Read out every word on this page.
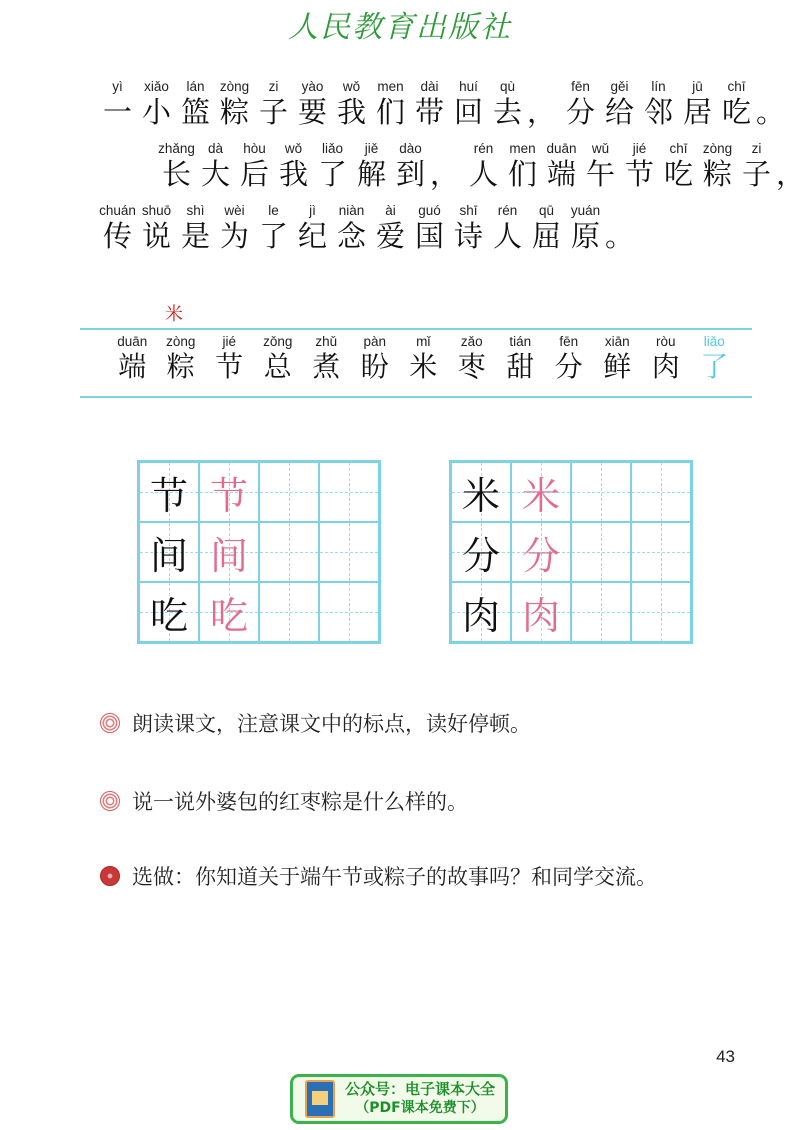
人民教育出版社
yì
一
xiǎo
小
lán
篮
zòng
粽
zi
子
yào
要
wǒ
我
men
们
dài
带
huí
回
qù
去 ，
fēn
分
gěi
给
lín
邻
jū
居
chī
吃 。
zhǎng
长
dà
大
hòu
后
wǒ
我
liǎo
了
jiě
解
dào
到 ，
rén
人
men
们
duān
端
wǔ
午
jié
节
chī
吃
zòng
粽
zi
子 ，
chuán
传
shuō
说
shì
是
wèi
为
le
了
jì
纪
niàn
念
ài
爱
guó
国
shī
诗
rén
人
qū
屈
yuán
原 。
米
duān
端
zòng
粽
jié
节
zǒng
总
zhǔ
煮
pàn
盼
mǐ
米
zǎo
枣
tián
甜
fēn
分
xiān
鲜
ròu
肉
liǎo
了
节 节
间 间
吃 吃
米 米
分 分
肉 肉
朗读课文，注意课文中的标点，读好停顿。
说一说外婆包的红枣粽是什么样的。
选做：你知道关于端午节或粽子的故事吗？和同学交流。
43
公众号：电子课本大全
（PDF课本免费下）
